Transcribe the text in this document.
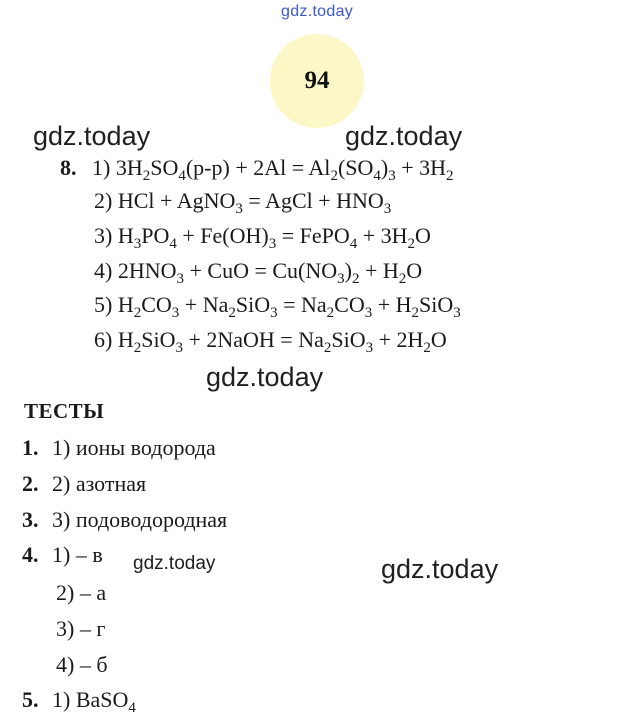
gdz.today
gdz.today	gdz.today
gdz.today
gdz.today	gdz.today
94
8. 1) $3H_2SO_4(р-р) + 2Al = Al_2(SO_4)_3 + 3H_2$
2) HCl + AgNO$_3$ = AgCl + $HNO_3$
3) $H_3PO_4 + Fe(OH)_3$ = FePO$_4$ + $3H_2O$
4) $2HNO_3$ + CuO = $Cu(NO_3)_2 + H_2O$
5) $H_2CO_3 + Na_2SiO_3 = Na_2CO_3 + H_2SiO_3$
6) $H_2SiO_3$ + 2NaOH = $Na_2SiO_3 + 2H_2O$
ТЕСТЫ
1. 1) ионы водорода
2. 2) азотная
3. 3) подоводородная
4. 1) – в
2) – а
3) – г
4) – б
5. 1) BaSO$_4$
